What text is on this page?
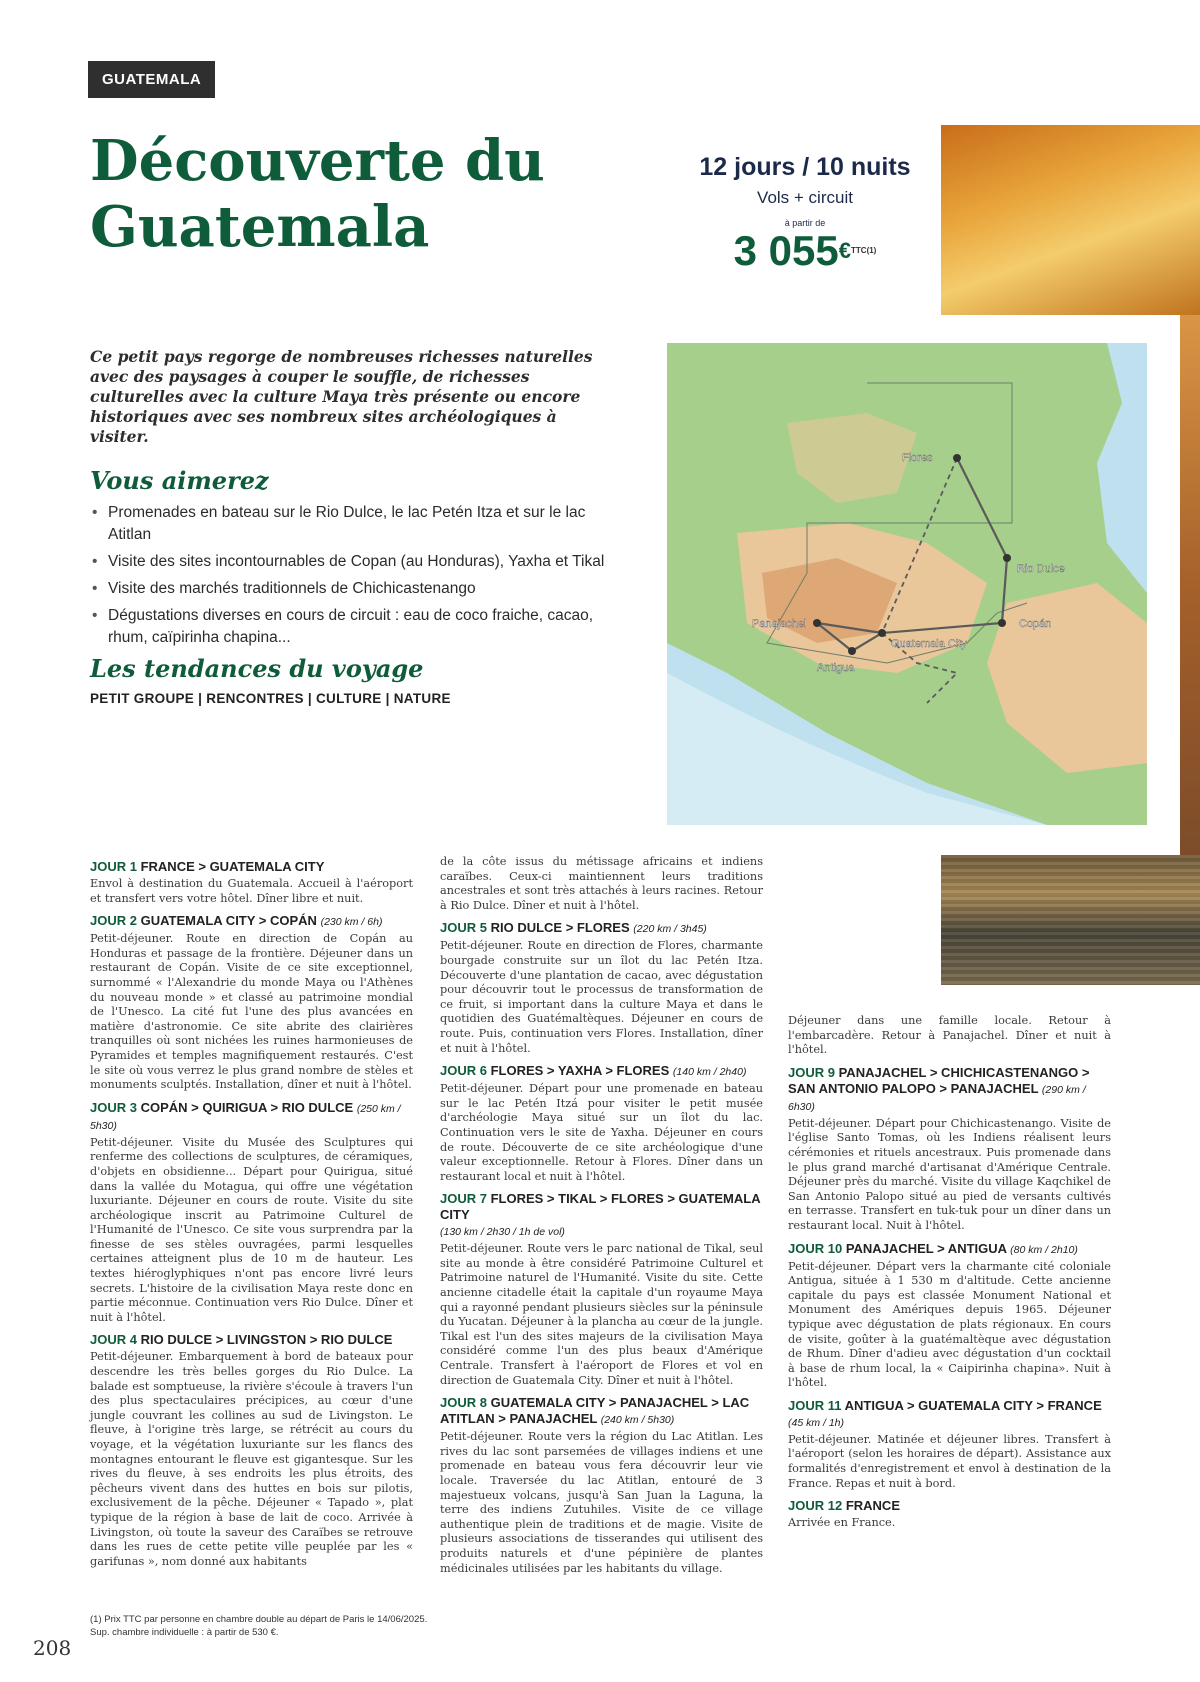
GUATEMALA
Découverte du
Guatemala
12 jours / 10 nuits
Vols + circuit
à partir de
3 055€TTC(1)

Ce petit pays regorge de nombreuses richesses naturelles avec des paysages à couper le souffle, de richesses culturelles avec la culture Maya très présente ou encore historiques avec ses nombreux sites archéologiques à visiter.

Vous aimerez
• Promenades en bateau sur le Rio Dulce, le lac Petén Itza et sur le lac Atitlan
• Visite des sites incontournables de Copan (au Honduras), Yaxha et Tikal
• Visite des marchés traditionnels de Chichicastenango
• Dégustations diverses en cours de circuit : eau de coco fraiche, cacao, rhum, caïpirinha chapina...
Les tendances du voyage
PETIT GROUPE | RENCONTRES | CULTURE | NATURE
Flores
Rio Dulce
Copán
Panajachel
Guatemala City
Antigua
JOUR 1 FRANCE > GUATEMALA CITY

Envol à destination du Guatemala. Accueil à l'aéroport et transfert vers votre hôtel. Dîner libre et nuit.

JOUR 2 GUATEMALA CITY > COPÁN (230 km / 6h)

Petit-déjeuner. Route en direction de Copán au Honduras et passage de la frontière. Déjeuner dans un restaurant de Copán. Visite de ce site exceptionnel, surnommé « l'Alexandrie du monde Maya ou l'Athènes du nouveau monde » et classé au patrimoine mondial de l'Unesco. La cité fut l'une des plus avancées en matière d'astronomie. Ce site abrite des clairières tranquilles où sont nichées les ruines harmonieuses de Pyramides et temples magnifiquement restaurés. C'est le site où vous verrez le plus grand nombre de stèles et monuments sculptés. Installation, dîner et nuit à l'hôtel.

JOUR 3 COPÁN > QUIRIGUA > RIO DULCE (250 km / 5h30)

Petit-déjeuner. Visite du Musée des Sculptures qui renferme des collections de sculptures, de céramiques, d'objets en obsidienne... Départ pour Quirigua, situé dans la vallée du Motagua, qui offre une végétation luxuriante. Déjeuner en cours de route. Visite du site archéologique inscrit au Patrimoine Culturel de l'Humanité de l'Unesco. Ce site vous surprendra par la finesse de ses stèles ouvragées, parmi lesquelles certaines atteignent plus de 10 m de hauteur. Les textes hiéroglyphiques n'ont pas encore livré leurs secrets. L'histoire de la civilisation Maya reste donc en partie méconnue. Continuation vers Rio Dulce. Dîner et nuit à l'hôtel.

JOUR 4 RIO DULCE > LIVINGSTON > RIO DULCE

Petit-déjeuner. Embarquement à bord de bateaux pour descendre les très belles gorges du Rio Dulce. La balade est somptueuse, la rivière s'écoule à travers l'un des plus spectaculaires précipices, au cœur d'une jungle couvrant les collines au sud de Livingston. Le fleuve, à l'origine très large, se rétrécit au cours du voyage, et la végétation luxuriante sur les flancs des montagnes entourant le fleuve est gigantesque. Sur les rives du fleuve, à ses endroits les plus étroits, des pêcheurs vivent dans des huttes en bois sur pilotis, exclusivement de la pêche. Déjeuner « Tapado », plat typique de la région à base de lait de coco. Arrivée à Livingston, où toute la saveur des Caraïbes se retrouve dans les rues de cette petite ville peuplée par les « garifunas », nom donné aux habitants

de la côte issus du métissage africains et indiens caraïbes. Ceux-ci maintiennent leurs traditions ancestrales et sont très attachés à leurs racines. Retour à Rio Dulce. Dîner et nuit à l'hôtel.

JOUR 5 RIO DULCE > FLORES (220 km / 3h45)

Petit-déjeuner. Route en direction de Flores, charmante bourgade construite sur un îlot du lac Petén Itza. Découverte d'une plantation de cacao, avec dégustation pour découvrir tout le processus de transformation de ce fruit, si important dans la culture Maya et dans le quotidien des Guatémaltèques. Déjeuner en cours de route. Puis, continuation vers Flores. Installation, dîner et nuit à l'hôtel.

JOUR 6 FLORES > YAXHA > FLORES (140 km / 2h40)

Petit-déjeuner. Départ pour une promenade en bateau sur le lac Petén Itzá pour visiter le petit musée d'archéologie Maya situé sur un îlot du lac. Continuation vers le site de Yaxha. Déjeuner en cours de route. Découverte de ce site archéologique d'une valeur exceptionnelle. Retour à Flores. Dîner dans un restaurant local et nuit à l'hôtel.

JOUR 7 FLORES > TIKAL > FLORES > GUATEMALA CITY
(130 km / 2h30 / 1h de vol)

Petit-déjeuner. Route vers le parc national de Tikal, seul site au monde à être considéré Patrimoine Culturel et Patrimoine naturel de l'Humanité. Visite du site. Cette ancienne citadelle était la capitale d'un royaume Maya qui a rayonné pendant plusieurs siècles sur la péninsule du Yucatan. Déjeuner à la plancha au cœur de la jungle. Tikal est l'un des sites majeurs de la civilisation Maya considéré comme l'un des plus beaux d'Amérique Centrale. Transfert à l'aéroport de Flores et vol en direction de Guatemala City. Dîner et nuit à l'hôtel.

JOUR 8 GUATEMALA CITY > PANAJACHEL > LAC ATITLAN > PANAJACHEL (240 km / 5h30)

Petit-déjeuner. Route vers la région du Lac Atitlan. Les rives du lac sont parsemées de villages indiens et une promenade en bateau vous fera découvrir leur vie locale. Traversée du lac Atitlan, entouré de 3 majestueux volcans, jusqu'à San Juan la Laguna, la terre des indiens Zutuhiles. Visite de ce village authentique plein de traditions et de magie. Visite de plusieurs associations de tisserandes qui utilisent des produits naturels et d'une pépinière de plantes médicinales utilisées par les habitants du village.

Déjeuner dans une famille locale. Retour à l'embarcadère. Retour à Panajachel. Dîner et nuit à l'hôtel.

JOUR 9 PANAJACHEL > CHICHICASTENANGO > SAN ANTONIO PALOPO > PANAJACHEL (290 km / 6h30)

Petit-déjeuner. Départ pour Chichicastenango. Visite de l'église Santo Tomas, où les Indiens réalisent leurs cérémonies et rituels ancestraux. Puis promenade dans le plus grand marché d'artisanat d'Amérique Centrale. Déjeuner près du marché. Visite du village Kaqchikel de San Antonio Palopo situé au pied de versants cultivés en terrasse. Transfert en tuk-tuk pour un dîner dans un restaurant local. Nuit à l'hôtel.

JOUR 10 PANAJACHEL > ANTIGUA (80 km / 2h10)

Petit-déjeuner. Départ vers la charmante cité coloniale Antigua, située à 1 530 m d'altitude. Cette ancienne capitale du pays est classée Monument National et Monument des Amériques depuis 1965. Déjeuner typique avec dégustation de plats régionaux. En cours de visite, goûter à la guatémaltèque avec dégustation de Rhum. Dîner d'adieu avec dégustation d'un cocktail à base de rhum local, la « Caipirinha chapina». Nuit à l'hôtel.

JOUR 11 ANTIGUA > GUATEMALA CITY > FRANCE
(45 km / 1h)

Petit-déjeuner. Matinée et déjeuner libres. Transfert à l'aéroport (selon les horaires de départ). Assistance aux formalités d'enregistrement et envol à destination de la France. Repas et nuit à bord.

JOUR 12 FRANCE

Arrivée en France.

(1) Prix TTC par personne en chambre double au départ de Paris le 14/06/2025.
Sup. chambre individuelle : à partir de 530 €.
208
